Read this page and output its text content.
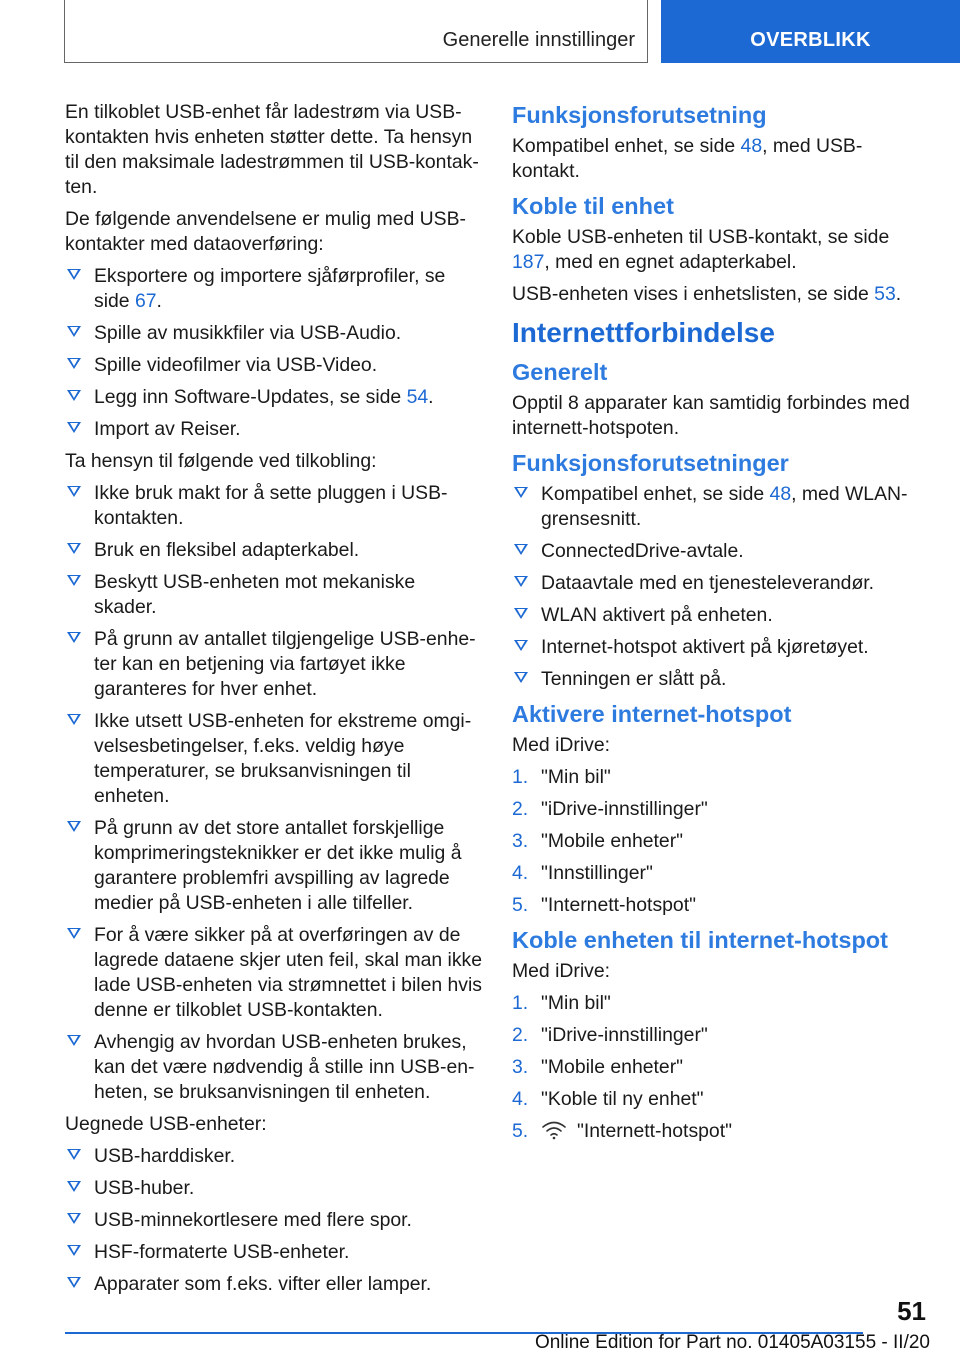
Generelle innstillinger	OVERBLIKK

En tilkoblet USB-enhet får ladestrøm via USB-kontakten hvis enheten støtter dette. Ta hensyn til den maksimale ladestrømmen til USB-kontakten.

De følgende anvendelsene er mulig med USB-kontakter med dataoverføring:

Eksportere og importere sjåførprofiler, se side 67.
Spille av musikkfiler via USB-Audio.
Spille videofilmer via USB-Video.
Legg inn Software-Updates, se side 54.
Import av Reiser.

Ta hensyn til følgende ved tilkobling:

Ikke bruk makt for å sette pluggen i USB-kontakten.
Bruk en fleksibel adapterkabel.
Beskytt USB-enheten mot mekaniske skader.
På grunn av antallet tilgjengelige USB-enheter kan en betjening via fartøyet ikke garanteres for hver enhet.
Ikke utsett USB-enheten for ekstreme omgivelsesbetingelser, f.eks. veldig høye temperaturer, se bruksanvisningen til enheten.
På grunn av det store antallet forskjellige komprimeringsteknikker er det ikke mulig å garantere problemfri avspilling av lagrede medier på USB-enheten i alle tilfeller.
For å være sikker på at overføringen av de lagrede dataene skjer uten feil, skal man ikke lade USB-enheten via strømnettet i bilen hvis denne er tilkoblet USB-kontakten.
Avhengig av hvordan USB-enheten brukes, kan det være nødvendig å stille inn USB-enheten, se bruksanvisningen til enheten.

Uegnede USB-enheter:

USB-harddisker.
USB-huber.
USB-minnekortlesere med flere spor.
HSF-formaterte USB-enheter.
Apparater som f.eks. vifter eller lamper.
Funksjonsforutsetning

Kompatibel enhet, se side 48, med USB-kontakt.

Koble til enhet

Koble USB-enheten til USB-kontakt, se side 187, med en egnet adapterkabel.

USB-enheten vises i enhetslisten, se side 53.

Internettforbindelse
Generelt

Opptil 8 apparater kan samtidig forbindes med internett-hotspoten.

Funksjonsforutsetninger
Kompatibel enhet, se side 48, med WLAN-grensesnitt.
ConnectedDrive-avtale.
Dataavtale med en tjenesteleverandør.
WLAN aktivert på enheten.
Internet-hotspot aktivert på kjøretøyet.
Tenningen er slått på.
Aktivere internet-hotspot

Med iDrive:

1. "Min bil"
2. "iDrive-innstillinger"
3. "Mobile enheter"
4. "Innstillinger"
5. "Internett-hotspot"
Koble enheten til internet-hotspot

Med iDrive:

1. "Min bil"
2. "iDrive-innstillinger"
3. "Mobile enheter"
4. "Koble til ny enhet"
5.	"Internett-hotspot"
51
Online Edition for Part no. 01405A03155 - II/20
